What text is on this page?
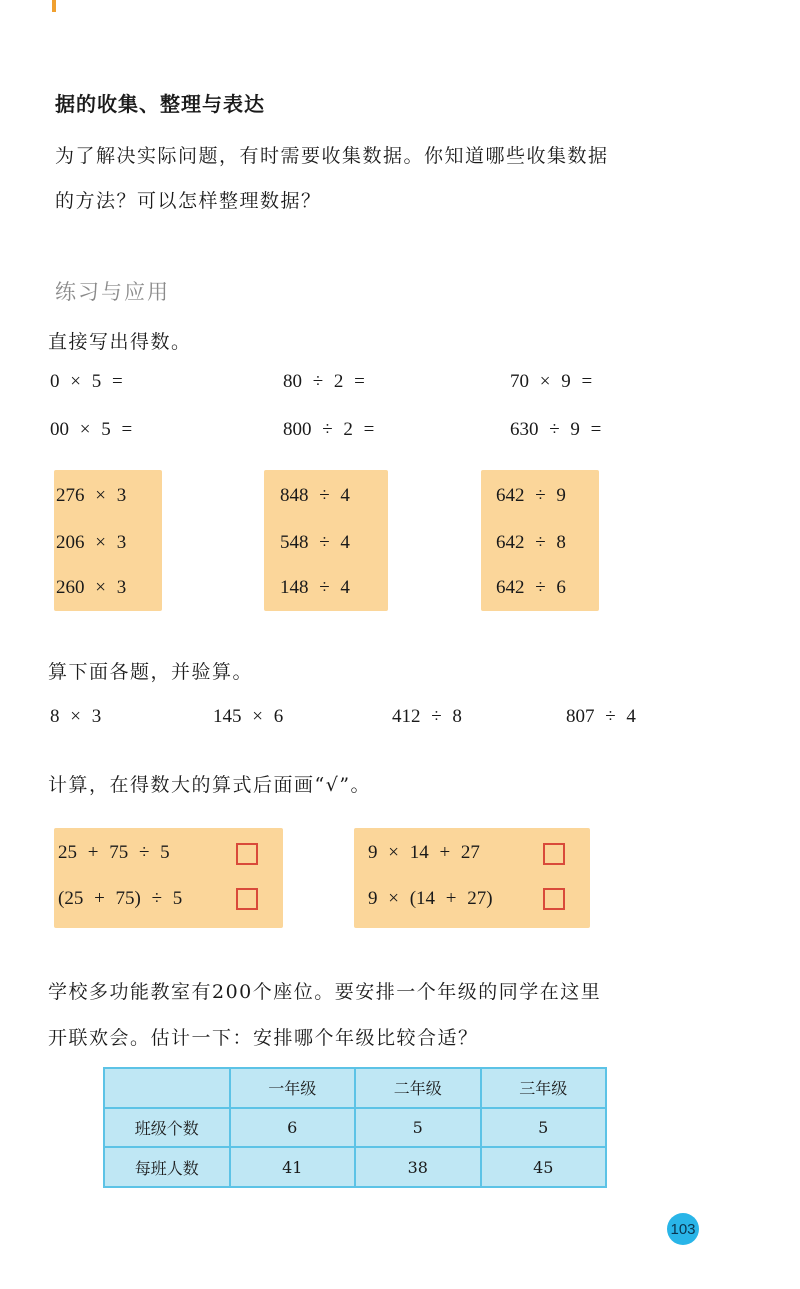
据的收集、整理与表达
为了解决实际问题，有时需要收集数据。你知道哪些收集数据
的方法？可以怎样整理数据？
练习与应用
直接写出得数。
0 × 5 =	80 ÷ 2 =	70 × 9 =
00 × 5 =	800 ÷ 2 =	630 ÷ 9 =
276 × 3
206 × 3
260 × 3
848 ÷ 4
548 ÷ 4
148 ÷ 4
642 ÷ 9
642 ÷ 8
642 ÷ 6
算下面各题，并验算。
8 × 3	145 × 6	412 ÷ 8	807 ÷ 4
计算，在得数大的算式后面画“√”。
25 + 75 ÷ 5
(25 + 75) ÷ 5
9 × 14 + 27
9 × (14 + 27)
学校多功能教室有200个座位。要安排一个年级的同学在这里
开联欢会。估计一下：安排哪个年级比较合适？
	一年级	二年级	三年级
班级个数	6	5	5
每班人数	41	38	45
103
